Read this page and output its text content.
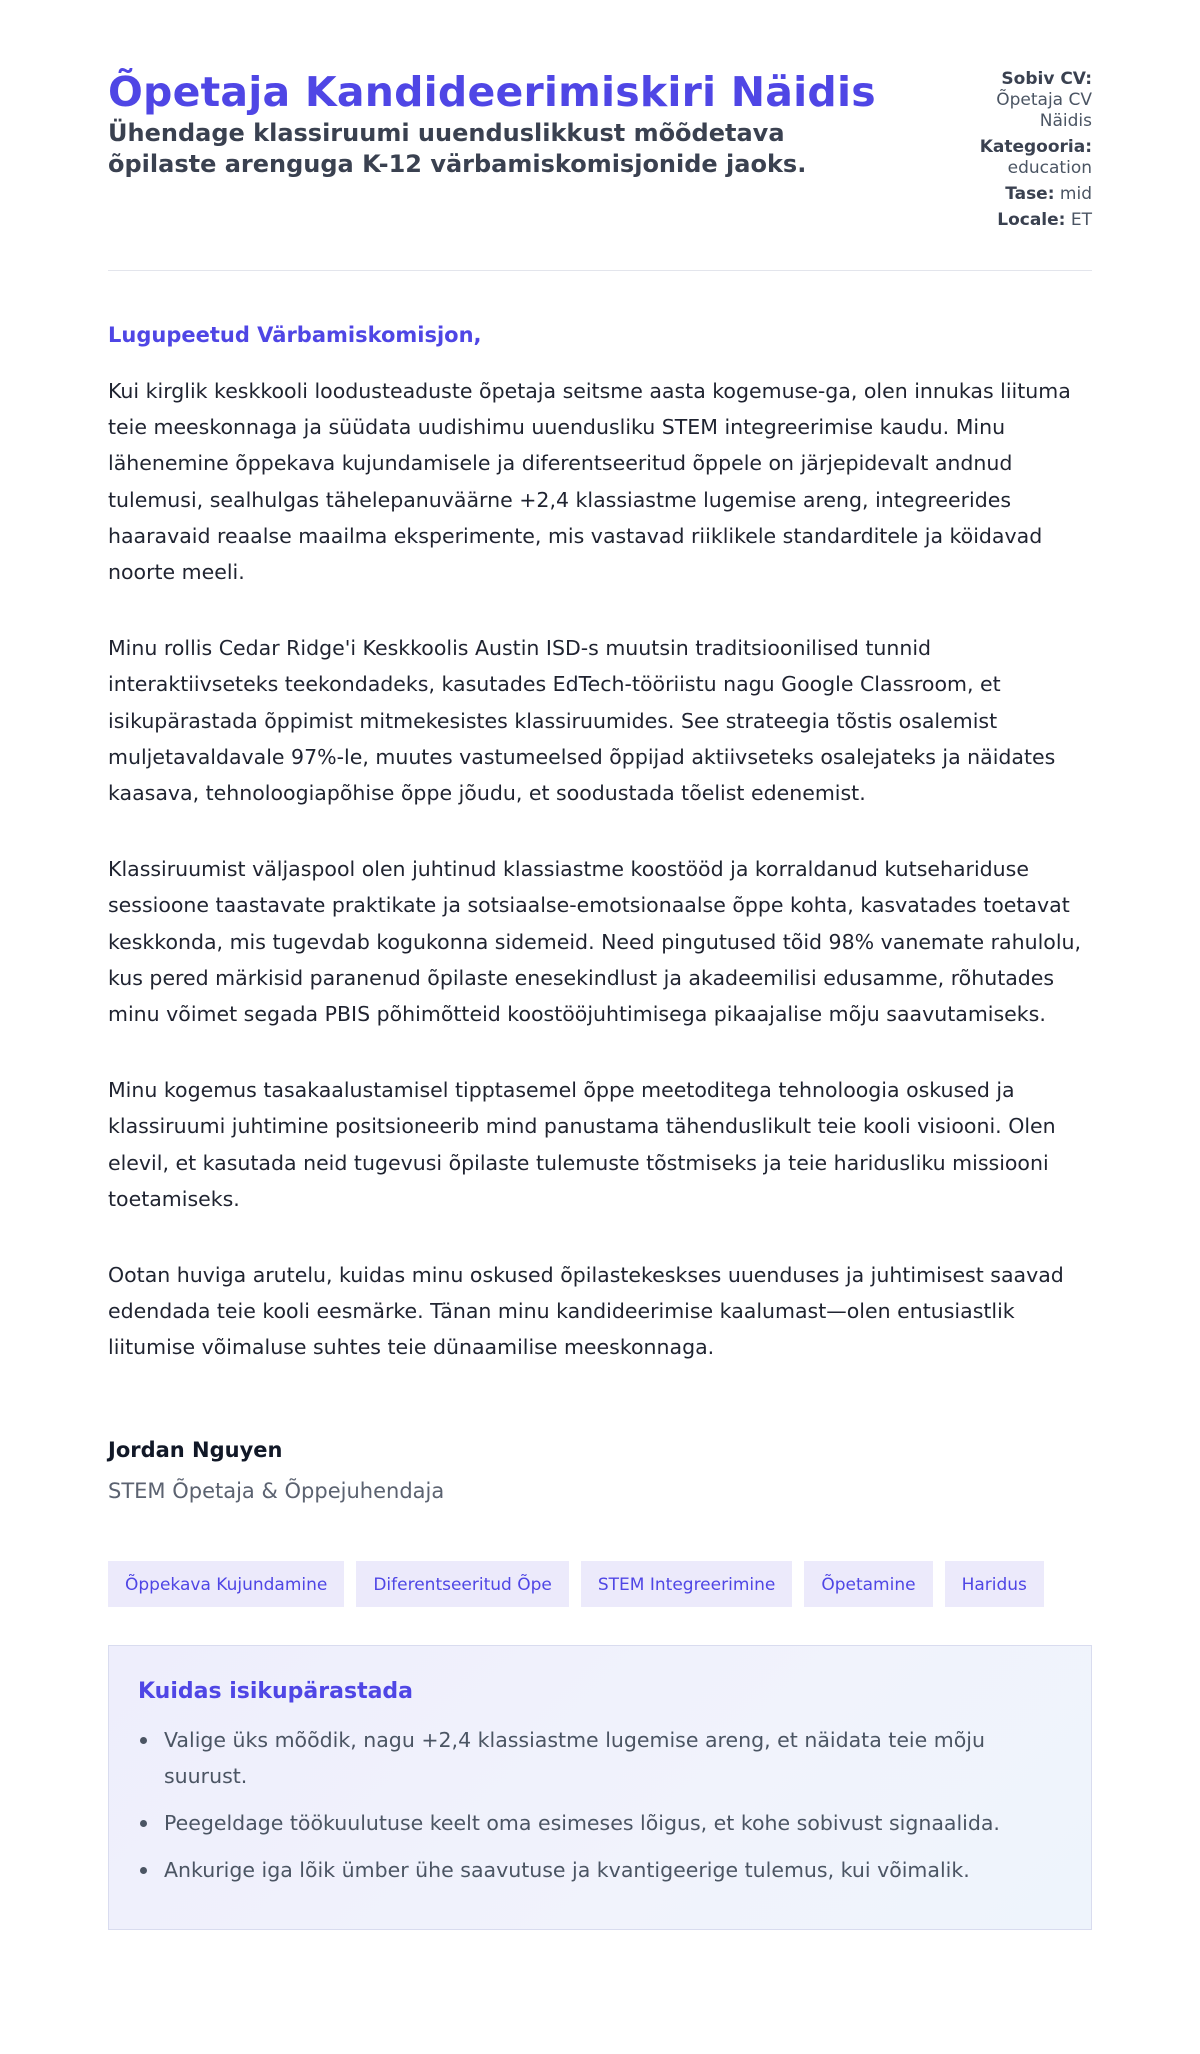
Õpetaja Kandideerimiskiri Näidis
Ühendage klassiruumi uuenduslikkust mõõdetava õpilaste arenguga K-12 värbamiskomisjonide jaoks.
Sobiv CV:
Õpetaja CV Näidis
Kategooria:
education
Tase: mid
Locale: ET
Lugupeetud Värbamiskomisjon,

Kui kirglik keskkooli loodusteaduste õpetaja seitsme aasta kogemuse-ga, olen innukas liituma teie meeskonnaga ja süüdata uudishimu uuendusliku STEM integreerimise kaudu. Minu lähenemine õppekava kujundamisele ja diferentseeritud õppele on järjepidevalt andnud tulemusi, sealhulgas tähelepanuväärne +2,4 klassiastme lugemise areng, integreerides haaravaid reaalse maailma eksperimente, mis vastavad riiklikele standarditele ja köidavad noorte meeli.

Minu rollis Cedar Ridge'i Keskkoolis Austin ISD-s muutsin traditsioonilised tunnid interaktiivseteks teekondadeks, kasutades EdTech-tööriistu nagu Google Classroom, et isikupärastada õppimist mitmekesistes klassiruumides. See strateegia tõstis osalemist muljetavaldavale 97%-le, muutes vastumeelsed õppijad aktiivseteks osalejateks ja näidates kaasava, tehnoloogiapõhise õppe jõudu, et soodustada tõelist edenemist.

Klassiruumist väljaspool olen juhtinud klassiastme koostööd ja korraldanud kutsehariduse sessioone taastavate praktikate ja sotsiaalse-emotsionaalse õppe kohta, kasvatades toetavat keskkonda, mis tugevdab kogukonna sidemeid. Need pingutused tõid 98% vanemate rahulolu, kus pered märkisid paranenud õpilaste enesekindlust ja akadeemilisi edusamme, rõhutades minu võimet segada PBIS põhimõtteid koostööjuhtimisega pikaajalise mõju saavutamiseks.

Minu kogemus tasakaalustamisel tipptasemel õppe meetoditega tehnoloogia oskused ja klassiruumi juhtimine positsioneerib mind panustama tähenduslikult teie kooli visiooni. Olen elevil, et kasutada neid tugevusi õpilaste tulemuste tõstmiseks ja teie haridusliku missiooni toetamiseks.

Ootan huviga arutelu, kuidas minu oskused õpilastekeskses uuenduses ja juhtimisest saavad edendada teie kooli eesmärke. Tänan minu kandideerimise kaalumast—olen entusiastlik liitumise võimaluse suhtes teie dünaamilise meeskonnaga.

Jordan Nguyen
STEM Õpetaja & Õppejuhendaja
Õppekava Kujundamine	Diferentseeritud Õpe	STEM Integreerimine	Õpetamine	Haridus
Kuidas isikupärastada
Valige üks mõõdik, nagu +2,4 klassiastme lugemise areng, et näidata teie mõju suurust.
Peegeldage töökuulutuse keelt oma esimeses lõigus, et kohe sobivust signaalida.
Ankurige iga lõik ümber ühe saavutuse ja kvantigeerige tulemus, kui võimalik.
